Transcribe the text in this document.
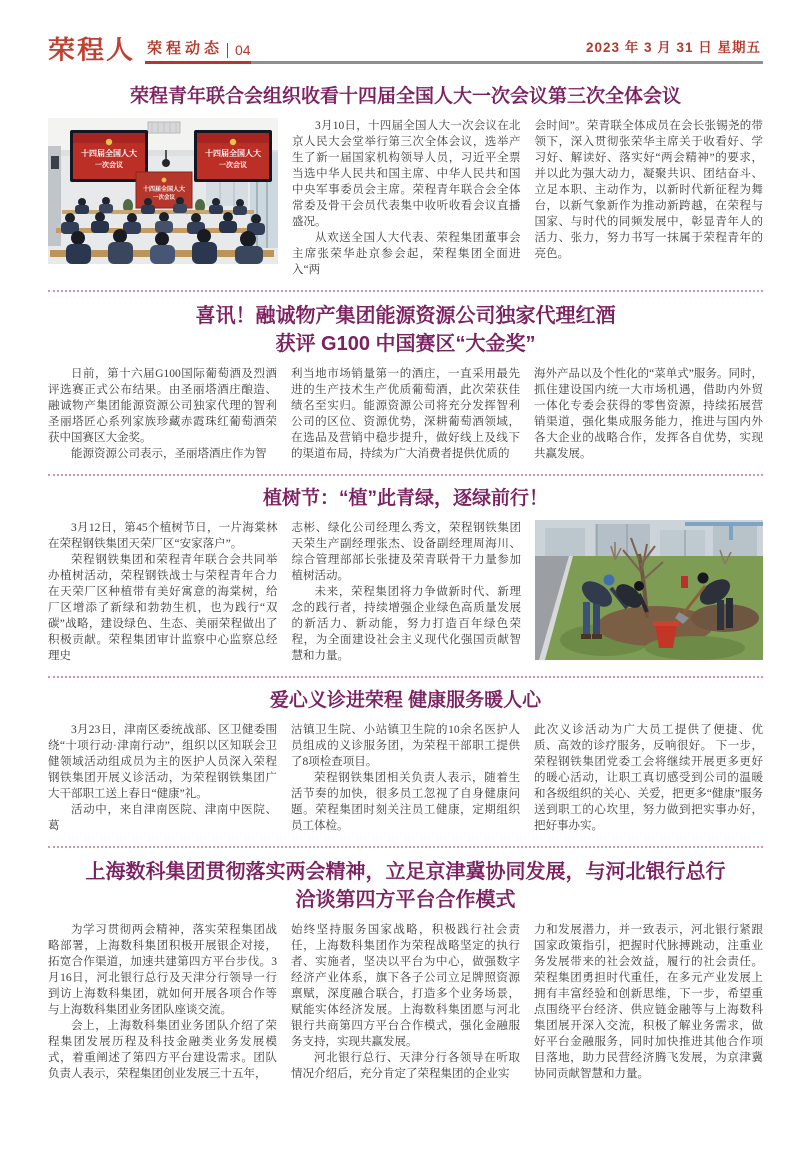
荣程人 荣程动态 04	2023 年 3 月 31 日 星期五
荣程青年联合会组织收看十四届全国人大一次会议第三次全体会议
十四届全国人大
一次会议
十四届全国人大
一次会议
十四届全国人大
一次会议

3月10日，十四届全国人大一次会议在北京人民大会堂举行第三次全体会议，选举产生了新一届国家机构领导人员，习近平全票当选中华人民共和国主席、中华人民共和国中央军事委员会主席。荣程青年联合会全体常委及骨干会员代表集中收听收看会议直播盛况。

从欢送全国人大代表、荣程集团董事会主席张荣华赴京参会起，荣程集团全面进入“两

会时间”。荣青联全体成员在会长张锡尧的带领下，深入贯彻张荣华主席关于收看好、学习好、解读好、落实好“两会精神”的要求，并以此为强大动力，凝聚共识、团结奋斗、立足本职、主动作为，以新时代新征程为舞台，以新气象新作为推动新跨越，在荣程与国家、与时代的同频发展中，彰显青年人的活力、张力，努力书写一抹属于荣程青年的亮色。

喜讯！融诚物产集团能源资源公司独家代理红酒
获评 G100 中国赛区“大金奖”

日前，第十六届G100国际葡萄酒及烈酒评选赛正式公布结果。由圣丽塔酒庄酿造、融诚物产集团能源资源公司独家代理的智利圣丽塔匠心系列家族珍藏赤霞珠红葡萄酒荣获中国赛区大金奖。

能源资源公司表示，圣丽塔酒庄作为智

利当地市场销量第一的酒庄，一直采用最先进的生产技术生产优质葡萄酒，此次荣获佳绩名至实归。能源资源公司将充分发挥智利公司的区位、资源优势，深耕葡萄酒领域，在选品及营销中稳步提升，做好线上及线下的渠道布局，持续为广大消费者提供优质的

海外产品以及个性化的“菜单式”服务。同时，抓住建设国内统一大市场机遇，借助内外贸一体化专委会获得的零售资源，持续拓展营销渠道，强化集成服务能力，推进与国内外各大企业的战略合作，发挥各自优势，实现共赢发展。

植树节：“植”此青绿，逐绿前行！

3月12日，第45个植树节日，一片海棠林在荣程钢铁集团天荣厂区“安家落户”。

荣程钢铁集团和荣程青年联合会共同举办植树活动，荣程钢铁战士与荣程青年合力在天荣厂区种植带有美好寓意的海棠树，给厂区增添了新绿和勃勃生机，也为践行“双碳”战略，建设绿色、生态、美丽荣程做出了积极贡献。荣程集团审计监察中心监察总经理史

志彬、绿化公司经理么秀文，荣程钢铁集团天荣生产副经理张杰、设备副经理周海川、综合管理部部长张捷及荣青联骨干力量参加植树活动。

未来，荣程集团将力争做新时代、新理念的践行者，持续增强企业绿色高质量发展的新活力、新动能，努力打造百年绿色荣程，为全面建设社会主义现代化强国贡献智慧和力量。

爱心义诊进荣程 健康服务暖人心

3月23日，津南区委统战部、区卫健委围绕“十项行动·津南行动”，组织以区知联会卫健领域活动组成员为主的医护人员深入荣程钢铁集团开展义诊活动，为荣程钢铁集团广大干部职工送上春日“健康”礼。

活动中，来自津南医院、津南中医院、葛

沽镇卫生院、小站镇卫生院的10余名医护人员组成的义诊服务团，为荣程干部职工提供了8项检查项目。

荣程钢铁集团相关负责人表示，随着生活节奏的加快，很多员工忽视了自身健康问题。荣程集团时刻关注员工健康，定期组织员工体检。

此次义诊活动为广大员工提供了便捷、优质、高效的诊疗服务，反响很好。 下一步，荣程钢铁集团党委工会将继续开展更多更好的暖心活动，让职工真切感受到公司的温暖和各级组织的关心、关爱，把更多“健康”服务送到职工的心坎里，努力做到把实事办好，把好事办实。

上海数科集团贯彻落实两会精神，立足京津冀协同发展，与河北银行总行
洽谈第四方平台合作模式

为学习贯彻两会精神，落实荣程集团战略部署，上海数科集团积极开展银企对接，拓宽合作渠道，加速共建第四方平台步伐。3月16日，河北银行总行及天津分行领导一行到访上海数科集团，就如何开展各项合作等与上海数科集团业务团队座谈交流。

会上，上海数科集团业务团队介绍了荣程集团发展历程及科技金融类业务发展模式，着重阐述了第四方平台建设需求。团队负责人表示，荣程集团创业发展三十五年，

始终坚持服务国家战略，积极践行社会责任，上海数科集团作为荣程战略坚定的执行者、实施者，坚决以平台为中心，做强数字经济产业体系，旗下各子公司立足牌照资源禀赋，深度融合联合，打造多个业务场景，赋能实体经济发展。上海数科集团愿与河北银行共商第四方平台合作模式，强化金融服务支持，实现共赢发展。

河北银行总行、天津分行各领导在听取情况介绍后，充分肯定了荣程集团的企业实

力和发展潜力，并一致表示，河北银行紧跟国家政策指引，把握时代脉搏跳动，注重业务发展带来的社会效益，履行的社会责任。荣程集团勇担时代重任，在多元产业发展上拥有丰富经验和创新思维，下一步，希望重点围绕平台经济、供应链金融等与上海数科集团展开深入交流，积极了解业务需求，做好平台金融服务，同时加快推进其他合作项目落地，助力民营经济腾飞发展，为京津冀协同贡献智慧和力量。
